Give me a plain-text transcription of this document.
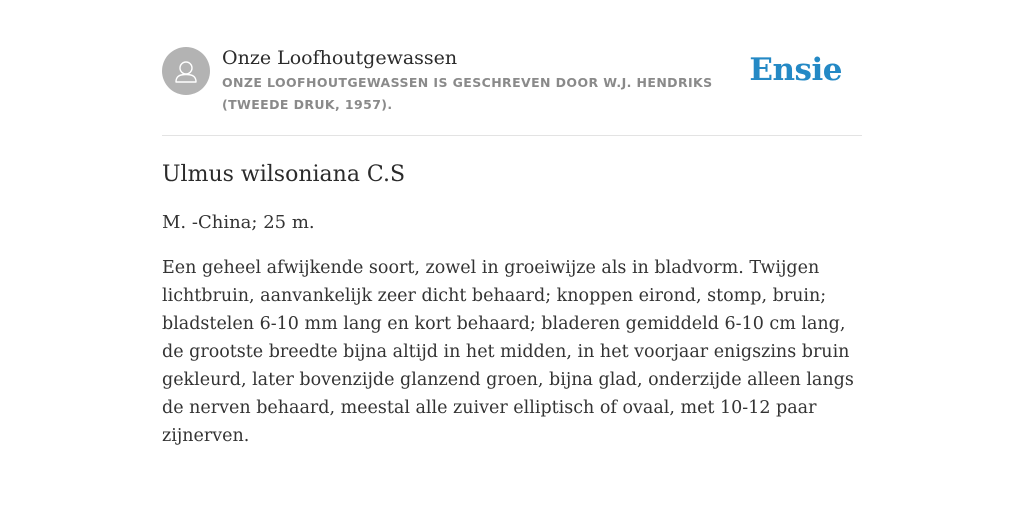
Onze Loofhoutgewassen

ONZE LOOFHOUTGEWASSEN IS GESCHREVEN DOOR W.J. HENDRIKS (TWEEDE DRUK, 1957).

Ensie
Ulmus wilsoniana C.S

M. -China; 25 m.

Een geheel afwijkende soort, zowel in groeiwijze als in bladvorm. Twijgen lichtbruin, aanvankelijk zeer dicht behaard; knoppen eirond, stomp, bruin; bladstelen 6-10 mm lang en kort behaard; bladeren gemiddeld 6-10 cm lang, de grootste breedte bijna altijd in het midden, in het voorjaar enigszins bruin gekleurd, later bovenzijde glanzend groen, bijna glad, onderzijde alleen langs de nerven behaard, meestal alle zuiver elliptisch of ovaal, met 10-12 paar zijnerven.
